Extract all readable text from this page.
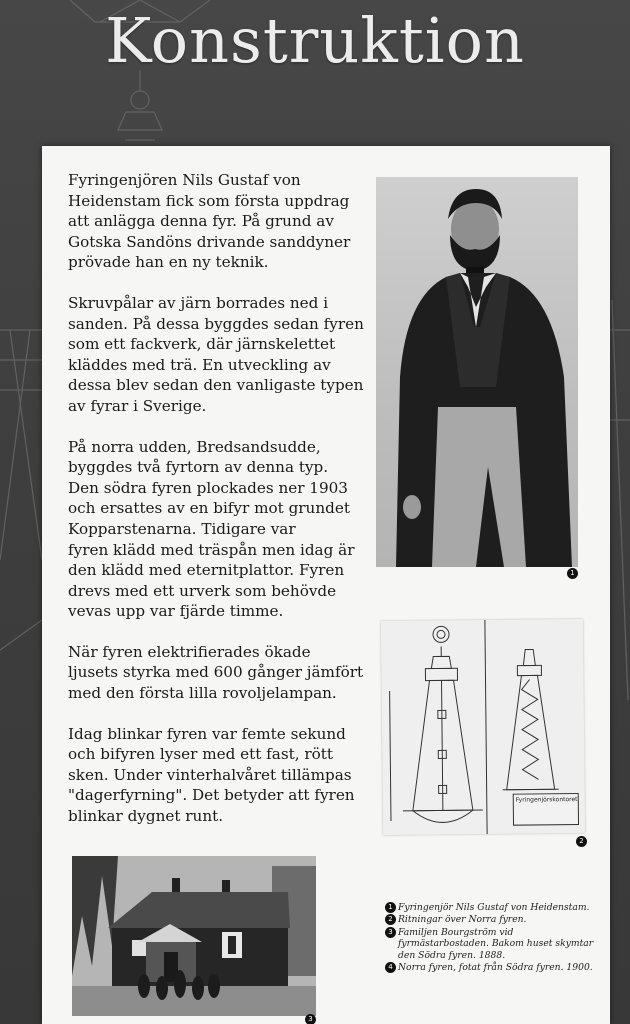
Konstruktion

Fyringenjören Nils Gustaf von
Heidenstam fick som första uppdrag
att anlägga denna fyr. På grund av
Gotska Sandöns drivande sanddyner
prövade han en ny teknik.

Skruvpålar av järn borrades ned i
sanden. På dessa byggdes sedan fyren
som ett fackverk, där järnskelettet
kläddes med trä. En utveckling av
dessa blev sedan den vanligaste typen
av fyrar i Sverige.

På norra udden, Bredsandsudde,
byggdes två fyrtorn av denna typ.
Den södra fyren plockades ner 1903
och ersattes av en bifyr mot grundet
Kopparstenarna. Tidigare var
fyren klädd med träspån men idag är
den klädd med eternitplattor. Fyren
drevs med ett urverk som behövde
vevas upp var fjärde timme.

När fyren elektrifierades ökade
ljusets styrka med 600 gånger jämfört
med den första lilla rovoljelampan.

Idag blinkar fyren var femte sekund
och bifyren lyser med ett fast, rött
sken. Under vinterhalvåret tillämpas
"dagerfyrning". Det betyder att fyren
blinkar dygnet runt.

1
Fyringenjörskontoret
2
3
1 Fyringenjör Nils Gustaf von Heidenstam.
2 Ritningar över Norra fyren.
3 Familjen Bourgström vid fyrmästarbostaden. Bakom huset skymtar den Södra fyren. 1888.
4 Norra fyren, fotat från Södra fyren. 1900.
